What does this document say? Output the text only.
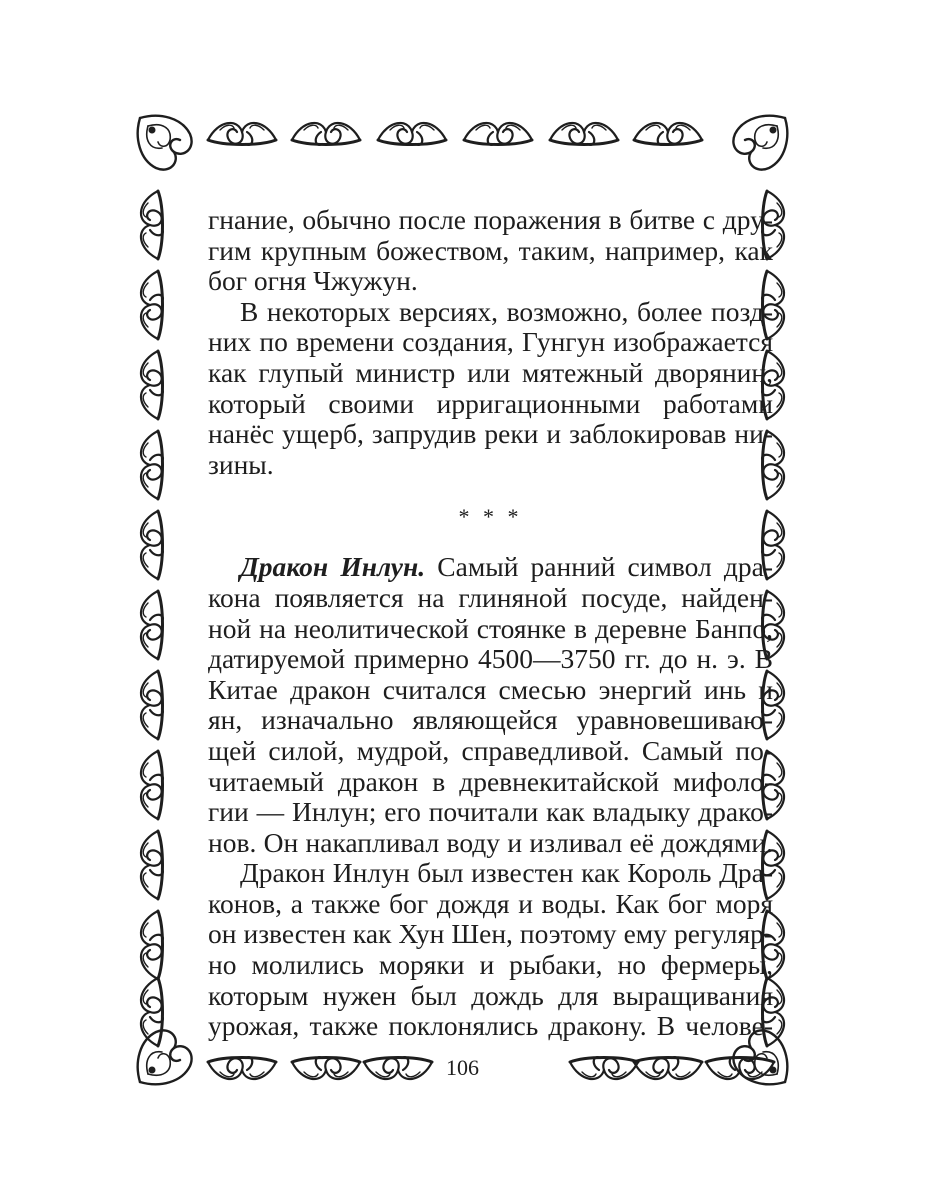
гнание, обычно после поражения в битве с дру-
гим крупным божеством, таким, например, как
бог огня Чжужун.
В некоторых версиях, возможно, более позд-
них по времени создания, Гунгун изображается
как глупый министр или мятежный дворянин,
который своими ирригационными работами
нанёс ущерб, запрудив реки и заблокировав ни-
зины.
* * *
Дракон Инлун. Самый ранний символ дра-
кона появляется на глиняной посуде, найден-
ной на неолитической стоянке в деревне Банпо,
датируемой примерно 4500—3750 гг. до н. э. В
Китае дракон считался смесью энергий инь и
ян, изначально являющейся уравновешиваю-
щей силой, мудрой, справедливой. Самый по-
читаемый дракон в древнекитайской мифоло-
гии — Инлун; его почитали как владыку драко-
нов. Он накапливал воду и изливал её дождями.
Дракон Инлун был известен как Король Дра-
конов, а также бог дождя и воды. Как бог моря
он известен как Хун Шен, поэтому ему регуляр-
но молились моряки и рыбаки, но фермеры,
которым нужен был дождь для выращивания
урожая, также поклонялись дракону. В челове-
106
